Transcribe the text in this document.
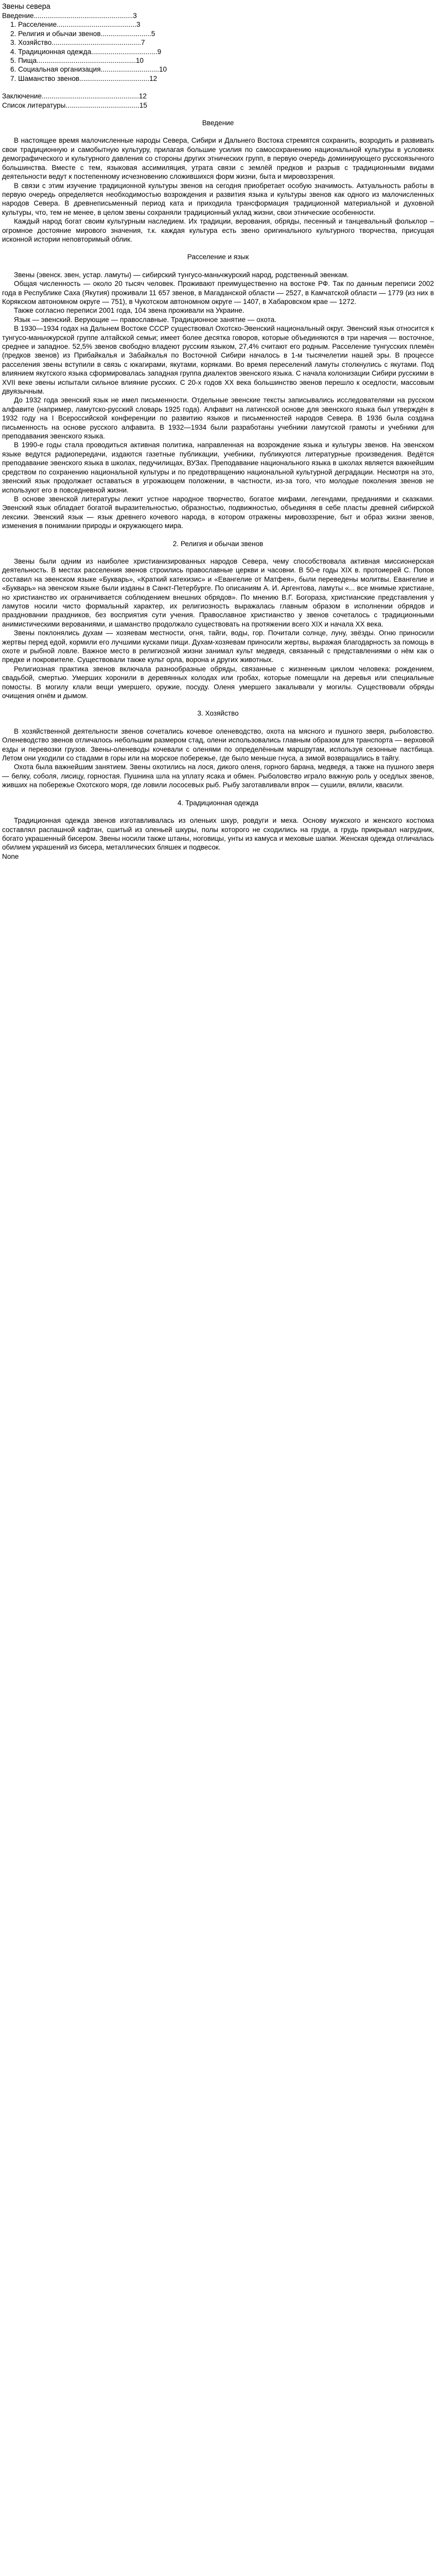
Звены севера
Введение ................................................... 3
1. Расселение ......................................... 3
2. Религия и обычаи звенов .......................... 5
3. Хозяйство .............................................. 7
4. Традиционная одежда .................................. 9
5. Пища ................................................... 10
6. Социальная организация .............................. 10
7. Шаманство звенов .................................... 12
Заключение .................................................. 12
Список литературы ...................................... 15
Введение

В настоящее время малочисленные народы Севера, Сибири и Дальнего Востока стремятся сохранить, возродить и развивать свои традиционную и самобытную культуру, прилагая большие усилия по самосохранению национальной культуры в условиях демографического и культурного давления со стороны других этнических групп, в первую очередь доминирующего русскоязычного большинства. Вместе с тем, языковая ассимиляция, утрата связи с землёй предков и разрыв с традиционными видами деятельности ведут к постепенному исчезновению сложившихся форм жизни, быта и мировоззрения.

В связи с этим изучение традиционной культуры звенов на сегодня приобретает особую значимость. Актуальность работы в первую очередь определяется необходимостью возрождения и развития языка и культуры звенов как одного из малочисленных народов Севера. В древнеписьменный период ката и приходила трансформация традиционной материальной и духовной культуры, что, тем не менее, в целом звены сохраняли традиционный уклад жизни, свои этнические особенности.

Каждый народ богат своим культурным наследием. Их традиции, верования, обряды, песенный и танцевальный фольклор – огромное достояние мирового значения, т.к. каждая культура есть звено оригинального культурного творчества, присущая исконной истории неповторимый облик.

Расселение и язык

Звены (эвенск. звен, устар. ламуты) — сибирский тунгусо-маньчжурский народ, родственный эвенкам.

Общая численность — около 20 тысяч человек. Проживают преимущественно на востоке РФ. Так по данным переписи 2002 года в Республике Саха (Якутия) проживали 11 657 звенов, в Магаданской области — 2527, в Камчатской области — 1779 (из них в Корякском автономном округе — 751), в Чукотском автономном округе — 1407, в Хабаровском крае — 1272.

Также согласно переписи 2001 года, 104 звена проживали на Украине.

Язык — эвенский. Верующие — православные. Традиционное занятие — охота.

В 1930—1934 годах на Дальнем Востоке СССР существовал Охотско-Эвенский национальный округ. Эвенский язык относится к тунгусо-маньчжурской группе алтайской семьи; имеет более десятка говоров, которые объединяются в три наречия — восточное, среднее и западное. 52,5% звенов свободно владеют русским языком, 27,4% считают его родным. Расселение тунгусских племён (предков звенов) из Прибайкалья и Забайкалья по Восточной Сибири началось в 1-м тысячелетии нашей эры. В процессе расселения звены вступили в связь с юкагирами, якутами, коряками. Во время переселений ламуты столкнулись с якутами. Под влиянием якутского языка сформировалась западная группа диалектов эвенского языка. С начала колонизации Сибири русскими в XVII веке эвены испытали сильное влияние русских. С 20-х годов XX века большинство эвенов перешло к оседлости, массовым двуязычным.

До 1932 года эвенский язык не имел письменности. Отдельные эвенские тексты записывались исследователями на русском алфавите (например, ламутско-русский словарь 1925 года). Алфавит на латинской основе для эвенского языка был утверждён в 1932 году на I Всероссийской конференции по развитию языков и письменностей народов Севера. В 1936 была создана письменность на основе русского алфавита. В 1932—1934 были разработаны учебники ламутской грамоты и учебники для преподавания эвенского языка.

В 1990-е годы стала проводиться активная политика, направленная на возрождение языка и культуры звенов. На эвенском языке ведутся радиопередачи, издаются газетные публикации, учебники, публикуются литературные произведения. Ведётся преподавание эвенского языка в школах, педучилищах, ВУЗах. Преподавание национального языка в школах является важнейшим средством по сохранению национальной культуры и по предотвращению национальной культурной деградации. Несмотря на это, звенский язык продолжает оставаться в угрожающем положении, в частности, из-за того, что молодые поколения звенов не используют его в повседневной жизни.

В основе звенской литературы лежит устное народное творчество, богатое мифами, легендами, преданиями и сказками. Эвенский язык обладает богатой выразительностью, образностью, подвижностью, объединяя в себе пласты древней сибирской лексики. Эвенский язык — язык древнего кочевого народа, в котором отражены мировоззрение, быт и образ жизни звенов, изменения в понимании природы и окружающего мира.

2. Религия и обычаи звенов

Звены были одним из наиболее христианизированных народов Севера, чему способствовала активная миссионерская деятельность. В местах расселения звенов строились православные церкви и часовни. В 50-е годы XIX в. протоиерей С. Попов составил на эвенском языке «Букварь», «Краткий катехизис» и «Евангелие от Матфея», были переведены молитвы. Евангелие и «Букварь» на эвенском языке были изданы в Санкт-Петербурге. По описаниям А. И. Аргентова, ламуты «... все мнимые христиане, но христианство их ограничивается соблюдением внешних обрядов». По мнению В.Г. Богораза, христианские представления у ламутов носили чисто формальный характер, их религиозность выражалась главным образом в исполнении обрядов и праздновании праздников, без восприятия сути учения. Православное христианство у звенов сочеталось с традиционными анимистическими верованиями, и шаманство продолжало существовать на протяжении всего XIX и начала XX века.

Звены поклонялись духам — хозяевам местности, огня, тайги, воды, гор. Почитали солнце, луну, звёзды. Огню приносили жертвы перед едой, кормили его лучшими кусками пищи. Духам-хозяевам приносили жертвы, выражая благодарность за помощь в охоте и рыбной ловле. Важное место в религиозной жизни занимал культ медведя, связанный с представлениями о нём как о предке и покровителе. Существовали также культ орла, ворона и других животных.

Религиозная практика звенов включала разнообразные обряды, связанные с жизненным циклом человека: рождением, свадьбой, смертью. Умерших хоронили в деревянных колодах или гробах, которые помещали на деревья или специальные помосты. В могилу клали вещи умершего, оружие, посуду. Оленя умершего закалывали у могилы. Существовали обряды очищения огнём и дымом.

3. Хозяйство

В хозяйственной деятельности звенов сочетались кочевое оленеводство, охота на мясного и пушного зверя, рыболовство. Оленеводство звенов отличалось небольшим размером стад, олени использовались главным образом для транспорта — верховой езды и перевозки грузов. Звены-оленеводы кочевали с оленями по определённым маршрутам, используя сезонные пастбища. Летом они уходили со стадами в горы или на морское побережье, где было меньше гнуса, а зимой возвращались в тайгу.

Охота была важнейшим занятием. Звены охотились на лося, дикого оленя, горного барана, медведя, а также на пушного зверя — белку, соболя, лисицу, горностая. Пушнина шла на уплату ясака и обмен. Рыболовство играло важную роль у оседлых звенов, живших на побережье Охотского моря, где ловили лососевых рыб. Рыбу заготавливали впрок — сушили, вялили, квасили.

4. Традиционная одежда

Традиционная одежда звенов изготавливалась из оленьих шкур, ровдуги и меха. Основу мужского и женского костюма составлял распашной кафтан, сшитый из оленьей шкуры, полы которого не сходились на груди, а грудь прикрывал нагрудник, богато украшенный бисером. Звены носили также штаны, ноговицы, унты из камуса и меховые шапки. Женская одежда отличалась обилием украшений из бисера, металлических бляшек и подвесок.

None
